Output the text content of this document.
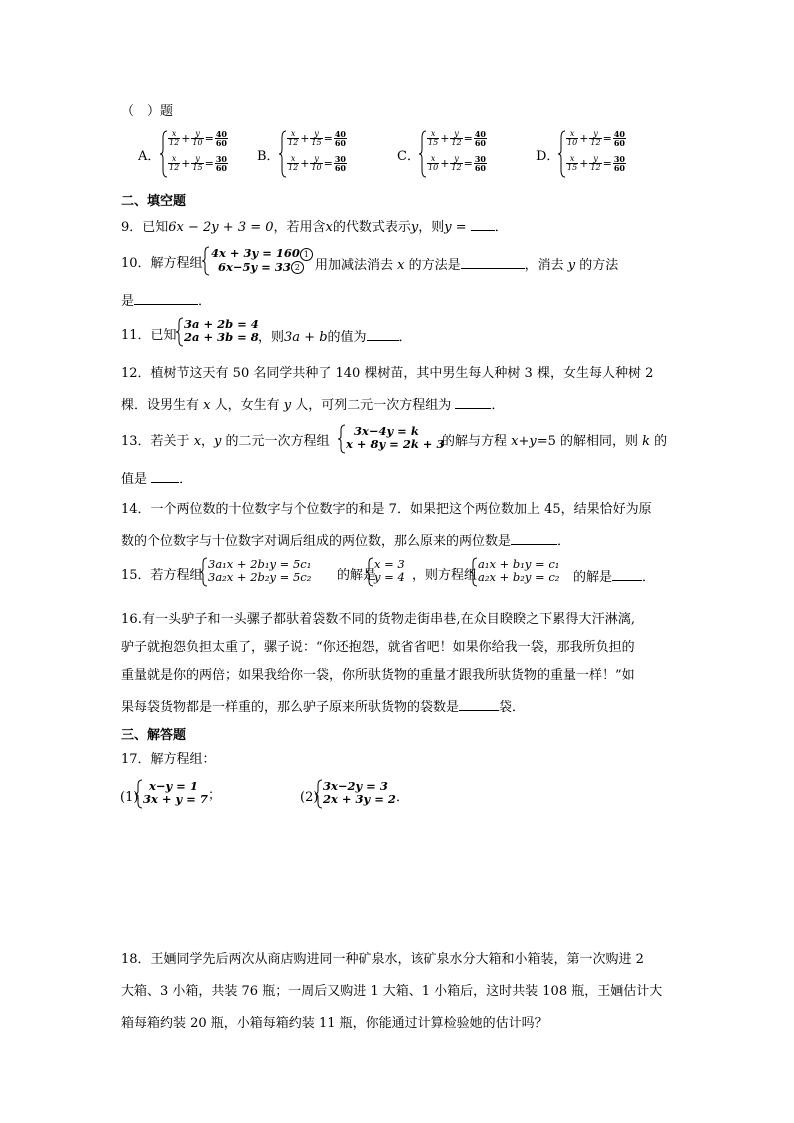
（　）题
A．
$\frac{x}{12} + \frac{y}{10} = \frac{40}{60}$
$\frac{x}{12} + \frac{y}{15} = \frac{30}{60}$ B．
$\frac{x}{12} + \frac{y}{15} = \frac{40}{60}$
$\frac{x}{12} + \frac{y}{10} = \frac{30}{60}$	C．
$\frac{x}{15} + \frac{y}{12} = \frac{40}{60}$
$\frac{x}{10} + \frac{y}{12} = \frac{30}{60}$	D．
$\frac{x}{10} + \frac{y}{12} = \frac{40}{60}$
$\frac{x}{15} + \frac{y}{12} = \frac{30}{60}$
二、填空题
9．已知6x − 2y + 3 = 0，若用含x的代数式表示y，则y = ．
10．解方程组
4x + 3y = 160 1
6x−5y = 33 2	用加减法消去 x 的方法是	，消去 y 的方法
是	．
11．已知
3a + 2b = 4
2a + 3b = 8 ，则3a + b的值为 ．
12．植树节这天有 50 名同学共种了 140 棵树苗，其中男生每人种树 3 棵，女生每人种树 2
棵．设男生有 x 人，女生有 y 人，可列二元一次方程组为	．
13．若关于 x，y 的二元一次方程组
3x−4y = k
x + 8y = 2k + 3
的解与方程 x+y=5 的解相同，则 k 的
值是 ．
14．一个两位数的十位数字与个位数字的和是 7．如果把这个两位数加上 45，结果恰好为原
数的个位数字与十位数字对调后组成的两位数，那么原来的两位数是	．
15．若方程组
3a₁x + 2b₁y = 5c₁
3a₂x + 2b₂y = 5c₂ 的解是
x = 3
y = 4 ，则方程组
a₁x + b₁y = c₁
a₂x + b₂y = c₂ 的解是 ．
16.有一头驴子和一头骡子都驮着袋数不同的货物走街串巷,在众目睽睽之下累得大汗淋漓,
驴子就抱怨负担太重了，骡子说：“你还抱怨，就省省吧！如果你给我一袋，那我所负担的
重量就是你的两倍；如果我给你一袋，你所驮货物的重量才跟我所驮货物的重量一样！”如
果每袋货物都是一样重的，那么驴子原来所驮货物的袋数是	袋．
三、解答题
17．解方程组：
(1)
x−y = 1
3x + y = 7 ；	(2)
3x−2y = 3
2x + 3y = 2 ．
18．王婳同学先后两次从商店购进同一种矿泉水，该矿泉水分大箱和小箱装，第一次购进 2
大箱、3 小箱，共装 76 瓶；一周后又购进 1 大箱、1 小箱后，这时共装 108 瓶，王婳估计大
箱每箱约装 20 瓶，小箱每箱约装 11 瓶，你能通过计算检验她的估计吗？
